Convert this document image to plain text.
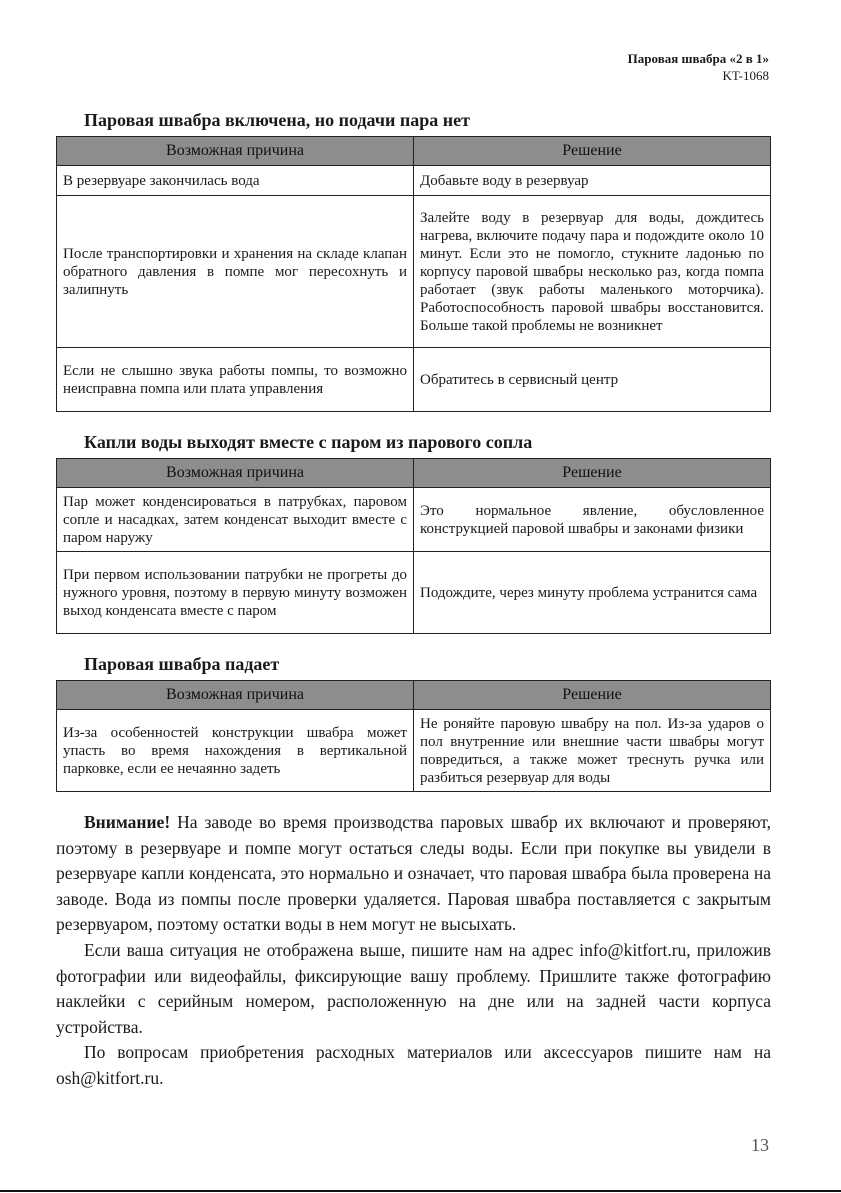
Паровая швабра «2 в 1»
KT-1068
Паровая швабра включена, но подачи пара нет
Возможная причина	Решение
В резервуаре закончилась вода	Добавьте воду в резервуар
После транспортировки и хранения на складе клапан обратного давления в помпе мог пересохнуть и залипнуть	Залейте воду в резервуар для воды, дождитесь нагрева, включите подачу пара и подождите около 10 минут. Если это не помогло, стукните ладонью по корпусу паровой швабры несколько раз, когда помпа работает (звук работы маленького моторчика). Работоспособность паровой швабры восстановится. Больше такой проблемы не возникнет
Если не слышно звука работы помпы, то возможно неисправна помпа или плата управления	Обратитесь в сервисный центр
Капли воды выходят вместе с паром из парового сопла
Возможная причина	Решение
Пар может конденсироваться в патрубках, паровом сопле и насадках, затем конденсат выходит вместе с паром наружу	Это нормальное явление, обусловленное конструкцией паровой швабры и законами физики
При первом использовании патрубки не прогреты до нужного уровня, поэтому в первую минуту возможен выход конденсата вместе с паром	Подождите, через минуту проблема устранится сама
Паровая швабра падает
Возможная причина	Решение
Из-за особенностей конструкции швабра может упасть во время нахождения в вертикальной парковке, если ее нечаянно задеть	Не роняйте паровую швабру на пол. Из-за ударов о пол внутренние или внешние части швабры могут повредиться, а также может треснуть ручка или разбиться резервуар для воды

Внимание! На заводе во время производства паровых швабр их включают и проверяют, поэтому в резервуаре и помпе могут остаться следы воды. Если при покупке вы увидели в резервуаре капли конденсата, это нормально и означает, что паровая швабра была проверена на заводе. Вода из помпы после проверки удаляется. Паровая швабра поставляется с закрытым резервуаром, поэтому остатки воды в нем могут не высыхать.

Если ваша ситуация не отображена выше, пишите нам на адрес info@kitfort.ru, приложив фотографии или видеофайлы, фиксирующие вашу проблему. Пришлите также фотографию наклейки с серийным номером, расположенную на дне или на задней части корпуса устройства.

По вопросам приобретения расходных материалов или аксессуаров пишите нам на osh@kitfort.ru.

13
